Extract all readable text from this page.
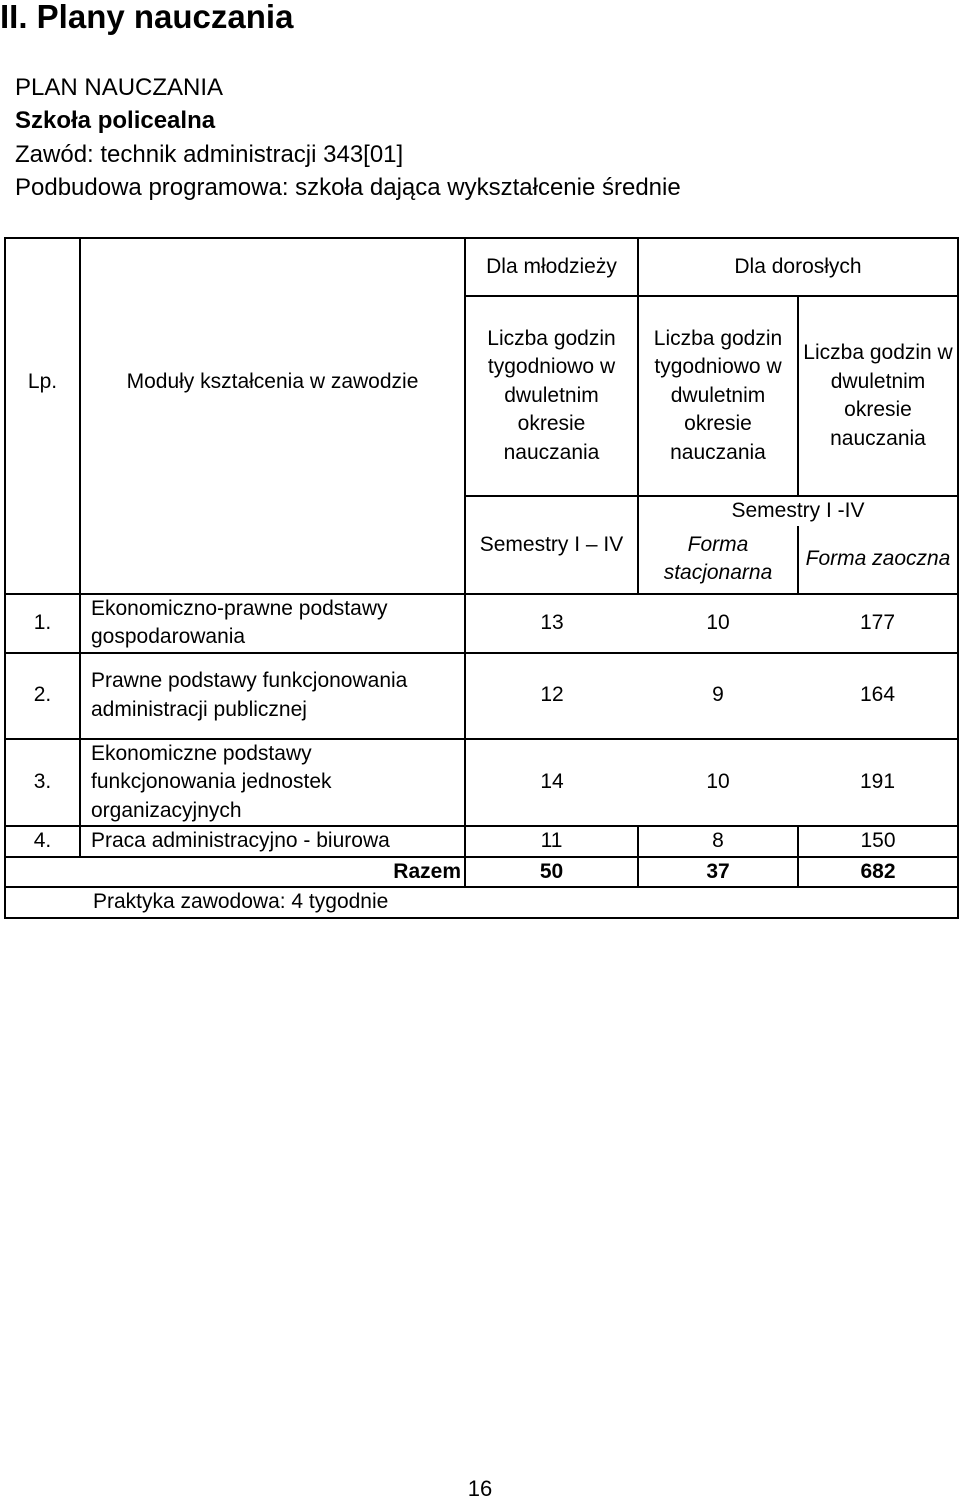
II. Plany nauczania
PLAN NAUCZANIA
Szkoła policealna
Zawód: technik administracji 343[01]
Podbudowa programowa: szkoła dająca wykształcenie średnie
Lp.	Moduły kształcenia w zawodzie	Dla młodzieży	Dla dorosłych	
		Liczba godzin tygodniowo w dwuletnim okresie nauczania	Liczba godzin tygodniowo w dwuletnim okresie nauczania	Liczba godzin w dwuletnim okresie nauczania
		Semestry I – IV	Semestry I -IV	
			Forma stacjonarna	Forma zaoczna
1.	Ekonomiczno-prawne podstawy gospodarowania	13	10	177
2.	Prawne podstawy funkcjonowania administracji publicznej	12	9	164
3.	Ekonomiczne podstawy funkcjonowania jednostek organizacyjnych	14	10	191
4.	Praca administracyjno - biurowa	11	8	150
Razem		50	37	682
Praktyka zawodowa: 4 tygodnie				
16
